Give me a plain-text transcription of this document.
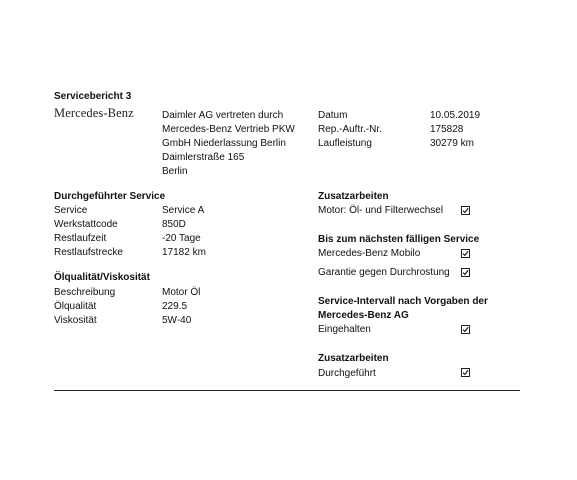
Servicebericht 3
Mercedes-Benz	Daimler AG vertreten durch
Mercedes-Benz Vertrieb PKW
GmbH Niederlassung Berlin
Daimlerstraße 165
Berlin
Datum	10.05.2019
Rep.-Auftr.-Nr.	175828
Laufleistung	30279 km
Durchgeführter Service
Service	Service A
Werkstattcode	850D
Restlaufzeit	-20 Tage
Restlaufstrecke	17182 km
Ölqualität/Viskosität
Beschreibung	Motor Öl
Ölqualität	229.5
Viskosität	5W-40
Zusatzarbeiten
Motor: Öl- und Filterwechsel
Bis zum nächsten fälligen Service
Mercedes-Benz Mobilo
Garantie gegen Durchrostung
Service-Intervall nach Vorgaben der
Mercedes-Benz AG
Eingehalten
Zusatzarbeiten
Durchgeführt
